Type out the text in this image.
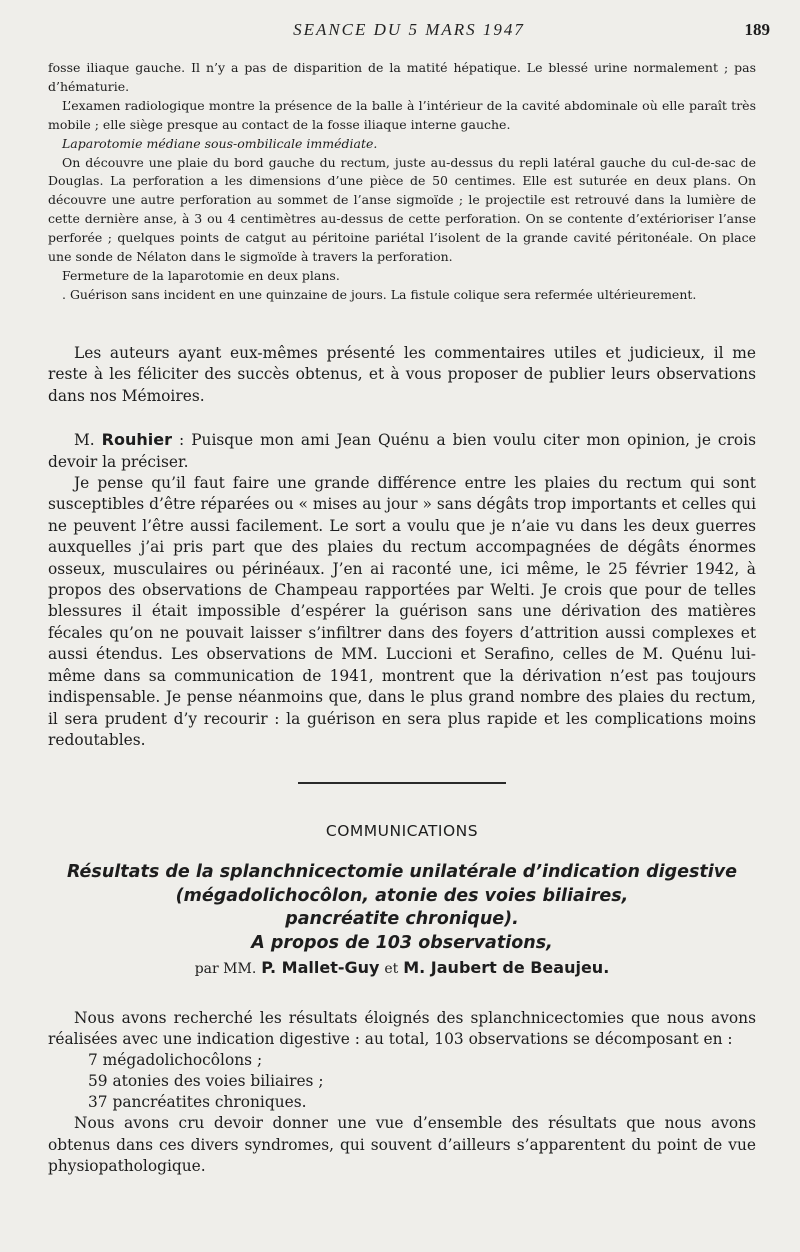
SEANCE DU 5 MARS 1947	189

fosse iliaque gauche. Il n’y a pas de disparition de la matité hépatique. Le blessé urine normalement ; pas d’hématurie.

L’examen radiologique montre la présence de la balle à l’intérieur de la cavité abdominale où elle paraît très mobile ; elle siège presque au contact de la fosse iliaque interne gauche.

Laparotomie médiane sous-ombilicale immédiate.

On découvre une plaie du bord gauche du rectum, juste au-dessus du repli latéral gauche du cul-de-sac de Douglas. La perforation a les dimensions d’une pièce de 50 centimes. Elle est suturée en deux plans. On découvre une autre perforation au sommet de l’anse sigmoïde ; le projectile est retrouvé dans la lumière de cette dernière anse, à 3 ou 4 centimètres au-dessus de cette perforation. On se contente d’extérioriser l’anse perforée ; quelques points de catgut au péritoine pariétal l’isolent de la grande cavité péritonéale. On place une sonde de Nélaton dans le sigmoïde à travers la perforation.

Fermeture de la laparotomie en deux plans.

. Guérison sans incident en une quinzaine de jours. La fistule colique sera refermée ultérieurement.

Les auteurs ayant eux-mêmes présenté les commentaires utiles et judicieux, il me reste à les féliciter des succès obtenus, et à vous proposer de publier leurs observations dans nos Mémoires.

M. Rouhier : Puisque mon ami Jean Quénu a bien voulu citer mon opinion, je crois devoir la préciser.

Je pense qu’il faut faire une grande différence entre les plaies du rectum qui sont susceptibles d’être réparées ou « mises au jour » sans dégâts trop importants et celles qui ne peuvent l’être aussi facilement. Le sort a voulu que je n’aie vu dans les deux guerres auxquelles j’ai pris part que des plaies du rectum accompagnées de dégâts énormes osseux, musculaires ou périnéaux. J’en ai raconté une, ici même, le 25 février 1942, à propos des observations de Champeau rapportées par Welti. Je crois que pour de telles blessures il était impossible d’espérer la guérison sans une dérivation des matières fécales qu’on ne pouvait laisser s’infiltrer dans des foyers d’attrition aussi complexes et aussi étendus. Les observations de MM. Luccioni et Serafino, celles de M. Quénu lui-même dans sa communication de 1941, montrent que la dérivation n’est pas toujours indispensable. Je pense néanmoins que, dans le plus grand nombre des plaies du rectum, il sera prudent d’y recourir : la guérison en sera plus rapide et les complications moins redoutables.

COMMUNICATIONS
Résultats de la splanchnicectomie unilatérale d’indication digestive
(mégadolichocôlon, atonie des voies biliaires,
pancréatite chronique).
A propos de 103 observations,
par MM. P. Mallet-Guy et M. Jaubert de Beaujeu.

Nous avons recherché les résultats éloignés des splanchnicectomies que nous avons réalisées avec une indication digestive : au total, 103 observations se décomposant en :

7 mégadolichocôlons ;
59 atonies des voies biliaires ;
37 pancréatites chroniques.

Nous avons cru devoir donner une vue d’ensemble des résultats que nous avons obtenus dans ces divers syndromes, qui souvent d’ailleurs s’apparentent du point de vue physiopathologique.
